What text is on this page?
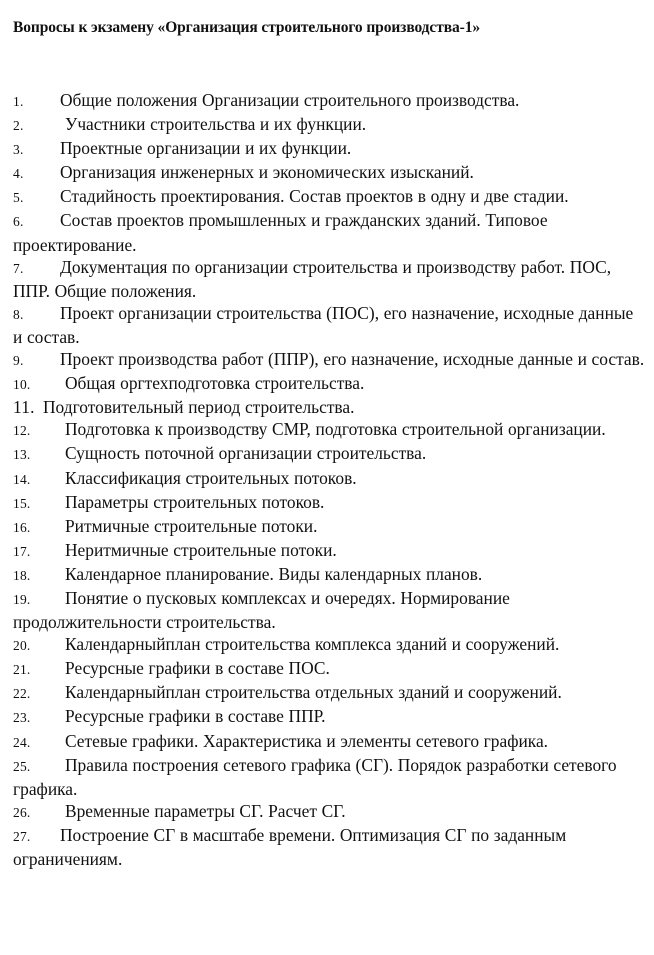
Вопросы к экзамену «Организация строительного производства-1»
1. Общие положения Организации строительного производства.
2. Участники строительства и их функции.
3. Проектные организации и их функции.
4. Организация инженерных и экономических изысканий.
5. Стадийность проектирования. Состав проектов в одну и две стадии.
6. Состав проектов промышленных и гражданских зданий. Типовое проектирование.
7. Документация по организации строительства и производству работ. ПОС, ППР. Общие положения.
8. Проект организации строительства (ПОС), его назначение, исходные данные и состав.
9. Проект производства работ (ППР), его назначение, исходные данные и состав.
10. Общая оргтехподготовка строительства.
11. Подготовительный период строительства.
12. Подготовка к производству СМР, подготовка строительной организации.
13. Сущность поточной организации строительства.
14. Классификация строительных потоков.
15. Параметры строительных потоков.
16. Ритмичные строительные потоки.
17. Неритмичные строительные потоки.
18. Календарное планирование. Виды календарных планов.
19. Понятие о пусковых комплексах и очередях. Нормирование продолжительности строительства.
20. Календарныйплан строительства комплекса зданий и сооружений.
21. Ресурсные графики в составе ПОС.
22. Календарныйплан строительства отдельных зданий и сооружений.
23. Ресурсные графики в составе ППР.
24. Сетевые графики. Характеристика и элементы сетевого графика.
25. Правила построения сетевого графика (СГ). Порядок разработки сетевого графика.
26. Временные параметры СГ. Расчет СГ.
27. Построение СГ в масштабе времени. Оптимизация СГ по заданным ограничениям.
